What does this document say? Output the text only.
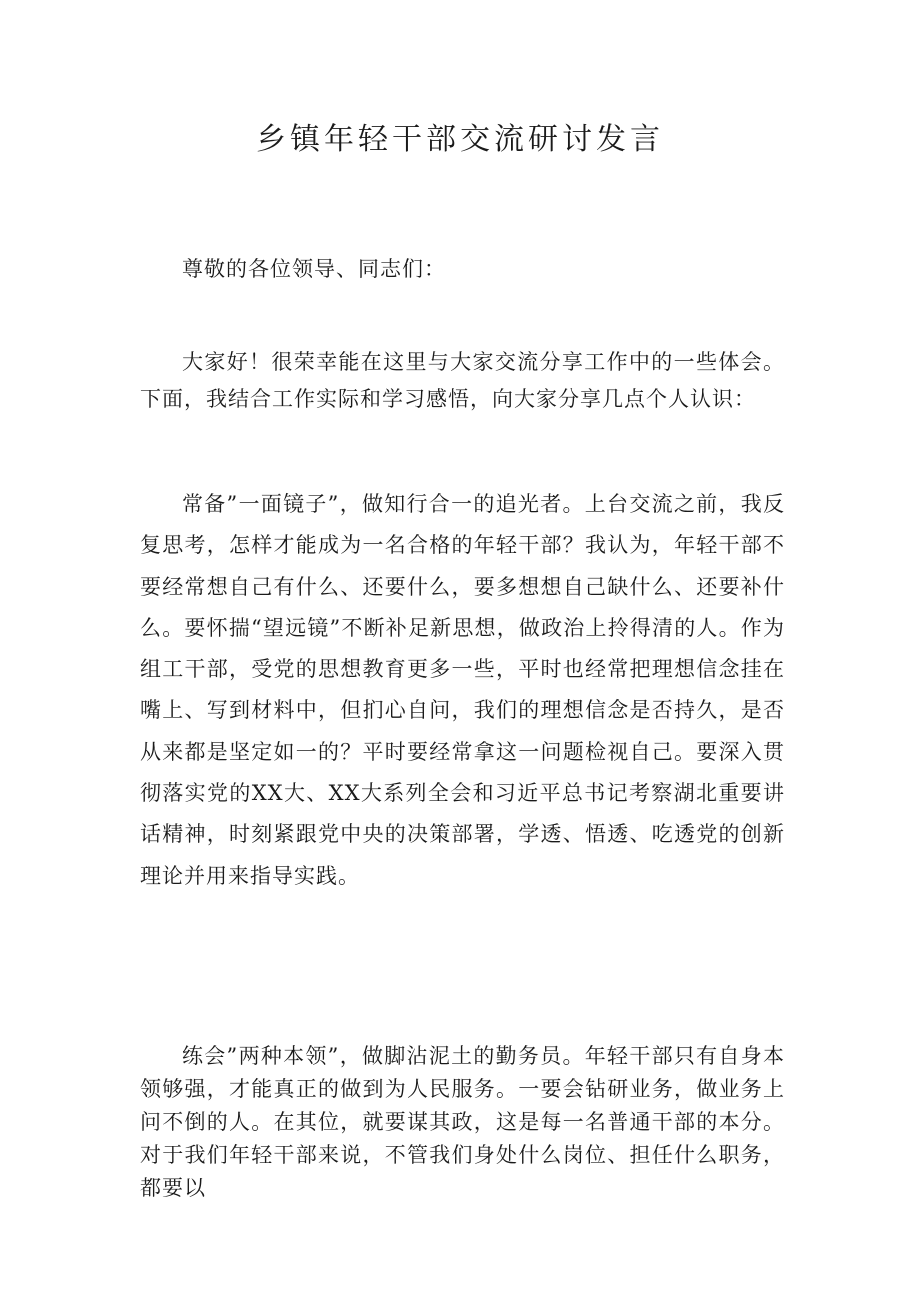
乡镇年轻干部交流研讨发言

尊敬的各位领导、同志们：

大家好！很荣幸能在这里与大家交流分享工作中的一些体会。下面，我结合工作实际和学习感悟，向大家分享几点个人认识：

常备”一面镜子”，做知行合一的追光者。上台交流之前，我反复思考，怎样才能成为一名合格的年轻干部？我认为，年轻干部不要经常想自己有什么、还要什么，要多想想自己缺什么、还要补什么。要怀揣“望远镜”不断补足新思想，做政治上拎得清的人。作为组工干部，受党的思想教育更多一些，平时也经常把理想信念挂在嘴上、写到材料中，但扪心自问，我们的理想信念是否持久，是否从来都是坚定如一的？平时要经常拿这一问题检视自己。要深入贯彻落实党的XX大、XX大系列全会和习近平总书记考察湖北重要讲话精神，时刻紧跟党中央的决策部署，学透、悟透、吃透党的创新理论并用来指导实践。

练会”两种本领”，做脚沾泥土的勤务员。年轻干部只有自身本领够强，才能真正的做到为人民服务。一要会钻研业务，做业务上问不倒的人。在其位，就要谋其政，这是每一名普通干部的本分。对于我们年轻干部来说，不管我们身处什么岗位、担任什么职务，都要以
